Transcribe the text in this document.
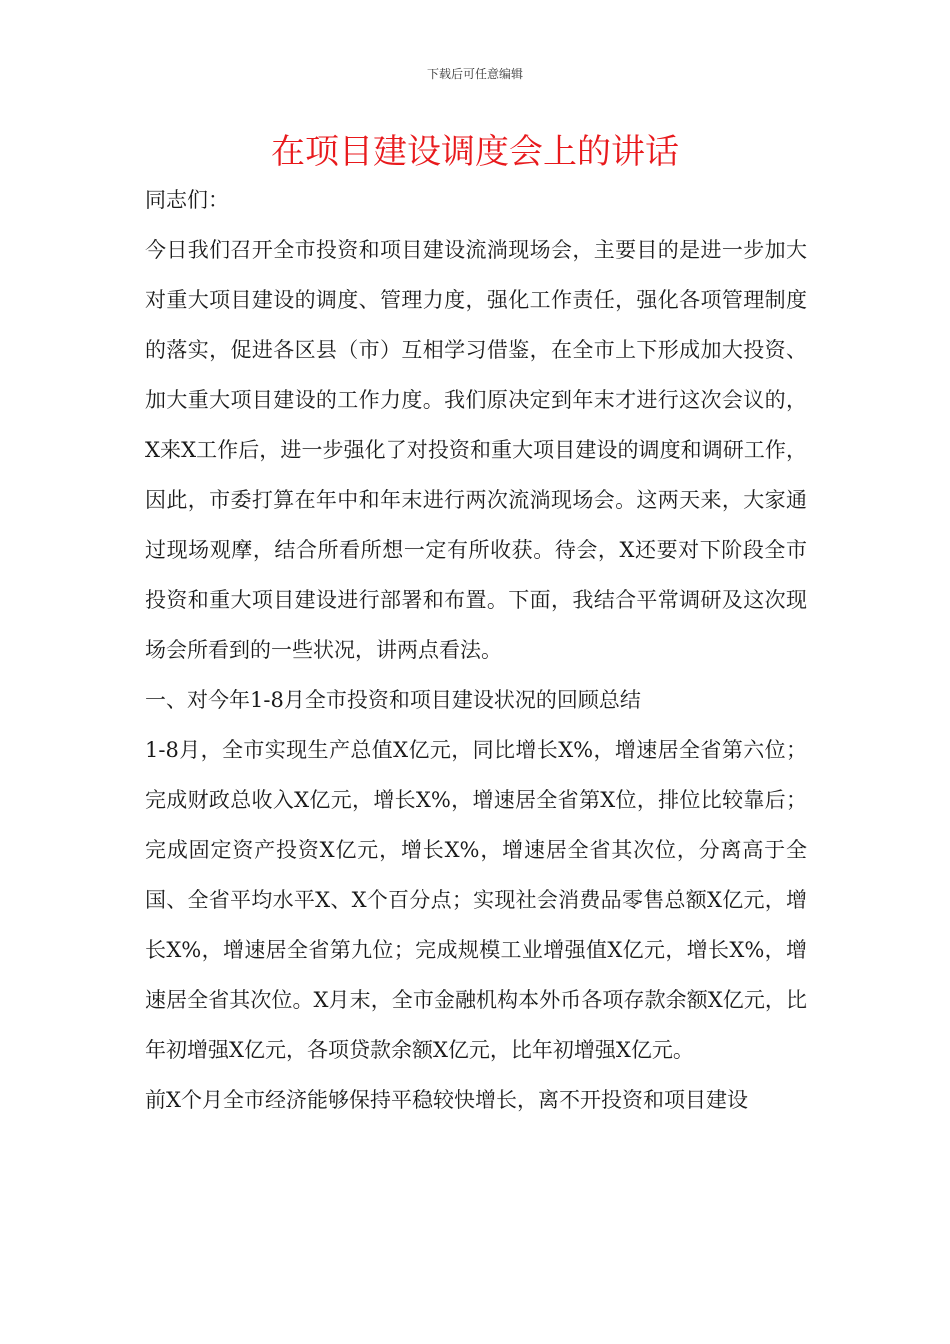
下载后可任意编辑
在项目建设调度会上的讲话

同志们：

今日我们召开全市投资和项目建设流淌现场会，主要目的是进一步加大对重大项目建设的调度、管理力度，强化工作责任，强化各项管理制度的落实，促进各区县（市）互相学习借鉴，在全市上下形成加大投资、加大重大项目建设的工作力度。我们原决定到年末才进行这次会议的，X来X工作后，进一步强化了对投资和重大项目建设的调度和调研工作，因此，市委打算在年中和年末进行两次流淌现场会。这两天来，大家通过现场观摩，结合所看所想一定有所收获。待会，X还要对下阶段全市投资和重大项目建设进行部署和布置。下面，我结合平常调研及这次现场会所看到的一些状况，讲两点看法。

一、对今年1-8月全市投资和项目建设状况的回顾总结

1-8月，全市实现生产总值X亿元，同比增长X%，增速居全省第六位；完成财政总收入X亿元，增长X%，增速居全省第X位，排位比较靠后；完成固定资产投资X亿元，增长X%，增速居全省其次位，分离高于全国、全省平均水平X、X个百分点；实现社会消费品零售总额X亿元，增长X%，增速居全省第九位；完成规模工业增强值X亿元，增长X%，增速居全省其次位。X月末，全市金融机构本外币各项存款余额X亿元，比年初增强X亿元，各项贷款余额X亿元，比年初增强X亿元。

前X个月全市经济能够保持平稳较快增长，离不开投资和项目建设
